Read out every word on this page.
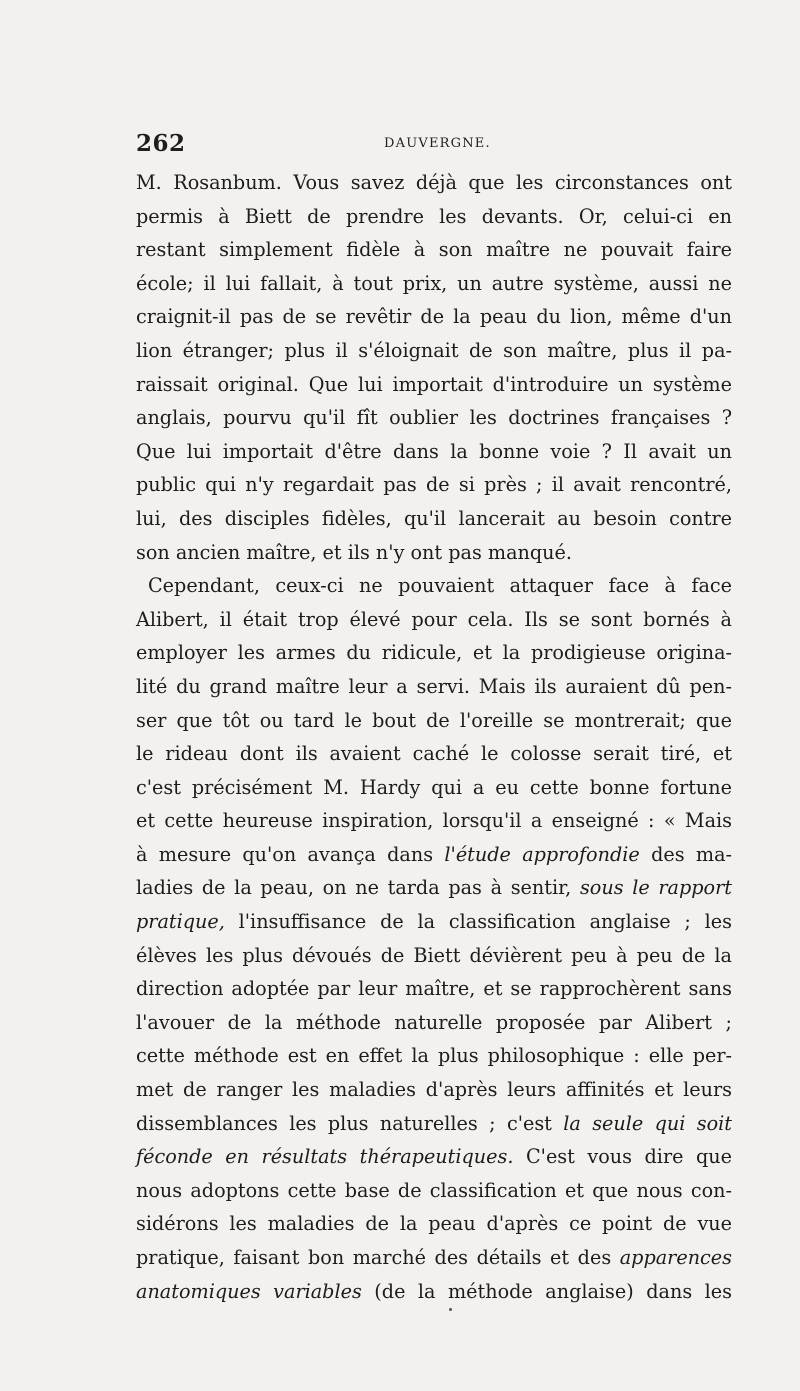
262	DAUVERGNE.
M. Rosanbum. Vous savez déjà que les circonstances ont
permis à Biett de prendre les devants. Or, celui-ci en
restant simplement fidèle à son maître ne pouvait faire
école; il lui fallait, à tout prix, un autre système, aussi ne
craignit-il pas de se revêtir de la peau du lion, même d'un
lion étranger; plus il s'éloignait de son maître, plus il pa-
raissait original. Que lui importait d'introduire un système
anglais, pourvu qu'il fît oublier les doctrines françaises ?
Que lui importait d'être dans la bonne voie ? Il avait un
public qui n'y regardait pas de si près ; il avait rencontré,
lui, des disciples fidèles, qu'il lancerait au besoin contre
son ancien maître, et ils n'y ont pas manqué.
Cependant, ceux-ci ne pouvaient attaquer face à face
Alibert, il était trop élevé pour cela. Ils se sont bornés à
employer les armes du ridicule, et la prodigieuse origina-
lité du grand maître leur a servi. Mais ils auraient dû pen-
ser que tôt ou tard le bout de l'oreille se montrerait; que
le rideau dont ils avaient caché le colosse serait tiré, et
c'est précisément M. Hardy qui a eu cette bonne fortune
et cette heureuse inspiration, lorsqu'il a enseigné : « Mais
à mesure qu'on avança dans l'étude approfondie des ma-
ladies de la peau, on ne tarda pas à sentir, sous le rapport
pratique, l'insuffisance de la classification anglaise ; les
élèves les plus dévoués de Biett dévièrent peu à peu de la
direction adoptée par leur maître, et se rapprochèrent sans
l'avouer de la méthode naturelle proposée par Alibert ;
cette méthode est en effet la plus philosophique : elle per-
met de ranger les maladies d'après leurs affinités et leurs
dissemblances les plus naturelles ; c'est la seule qui soit
féconde en résultats thérapeutiques. C'est vous dire que
nous adoptons cette base de classification et que nous con-
sidérons les maladies de la peau d'après ce point de vue
pratique, faisant bon marché des détails et des apparences
anatomiques variables (de la méthode anglaise) dans les
